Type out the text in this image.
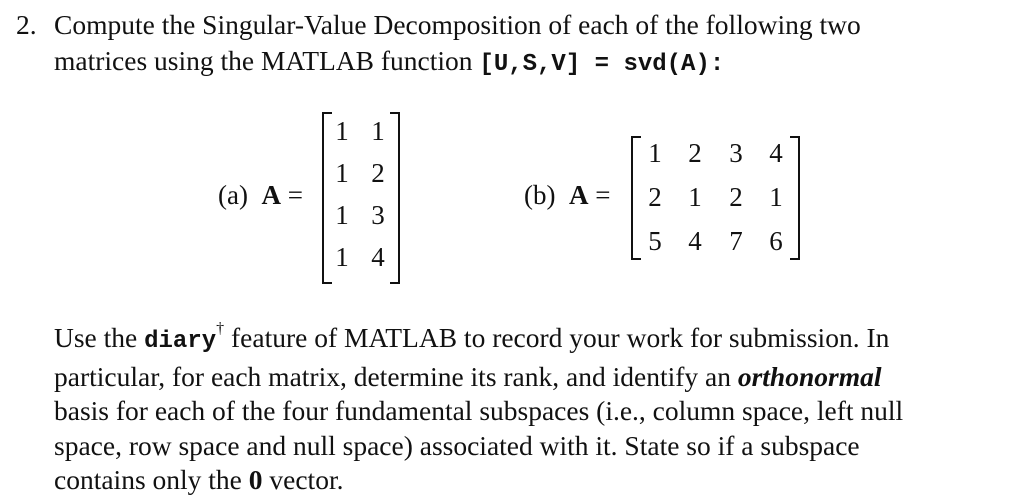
2. Compute the Singular-Value Decomposition of each of the following two
matrices using the MATLAB function [U,S,V] = svd(A):
(a) A =
1 1
1 2
1 3
1 4
(b) A =
1 2	3 4
2 1	2 1
5 4	7 6
Use the diary† feature of MATLAB to record your work for submission. In
particular, for each matrix, determine its rank, and identify an orthonormal
basis for each of the four fundamental subspaces (i.e., column space, left null
space, row space and null space) associated with it. State so if a subspace
contains only the 0 vector.
